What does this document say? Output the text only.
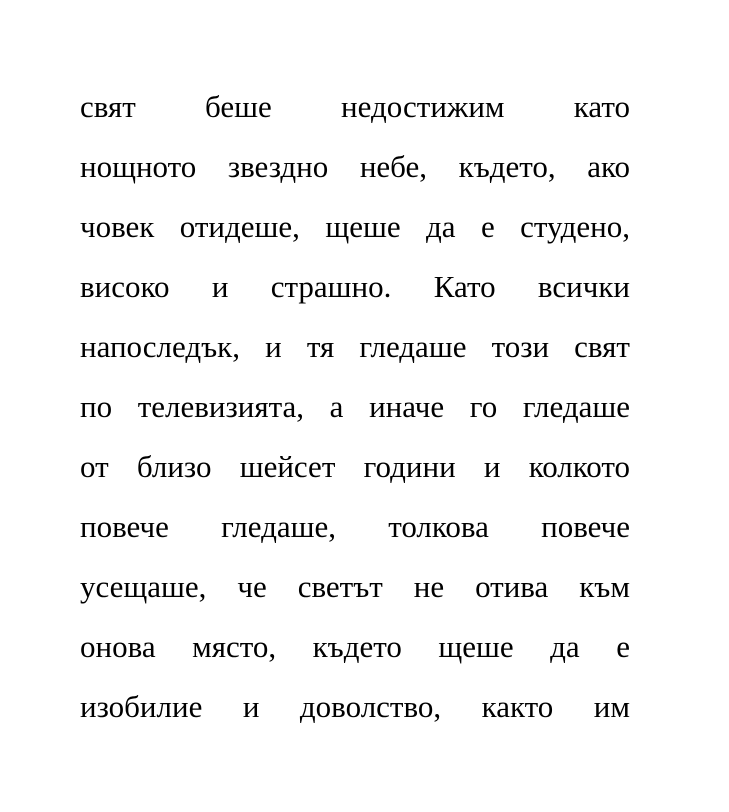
свят беше недостижим като
нощното звездно небе, където, ако
човек отидеше, щеше да е студено,
високо и страшно. Като всички
напоследък, и тя гледаше този свят
по телевизията, а иначе го гледаше
от близо шейсет години и колкото
повече гледаше, толкова повече
усещаше, че светът не отива към
онова място, където щеше да е
изобилие и доволство, както им
